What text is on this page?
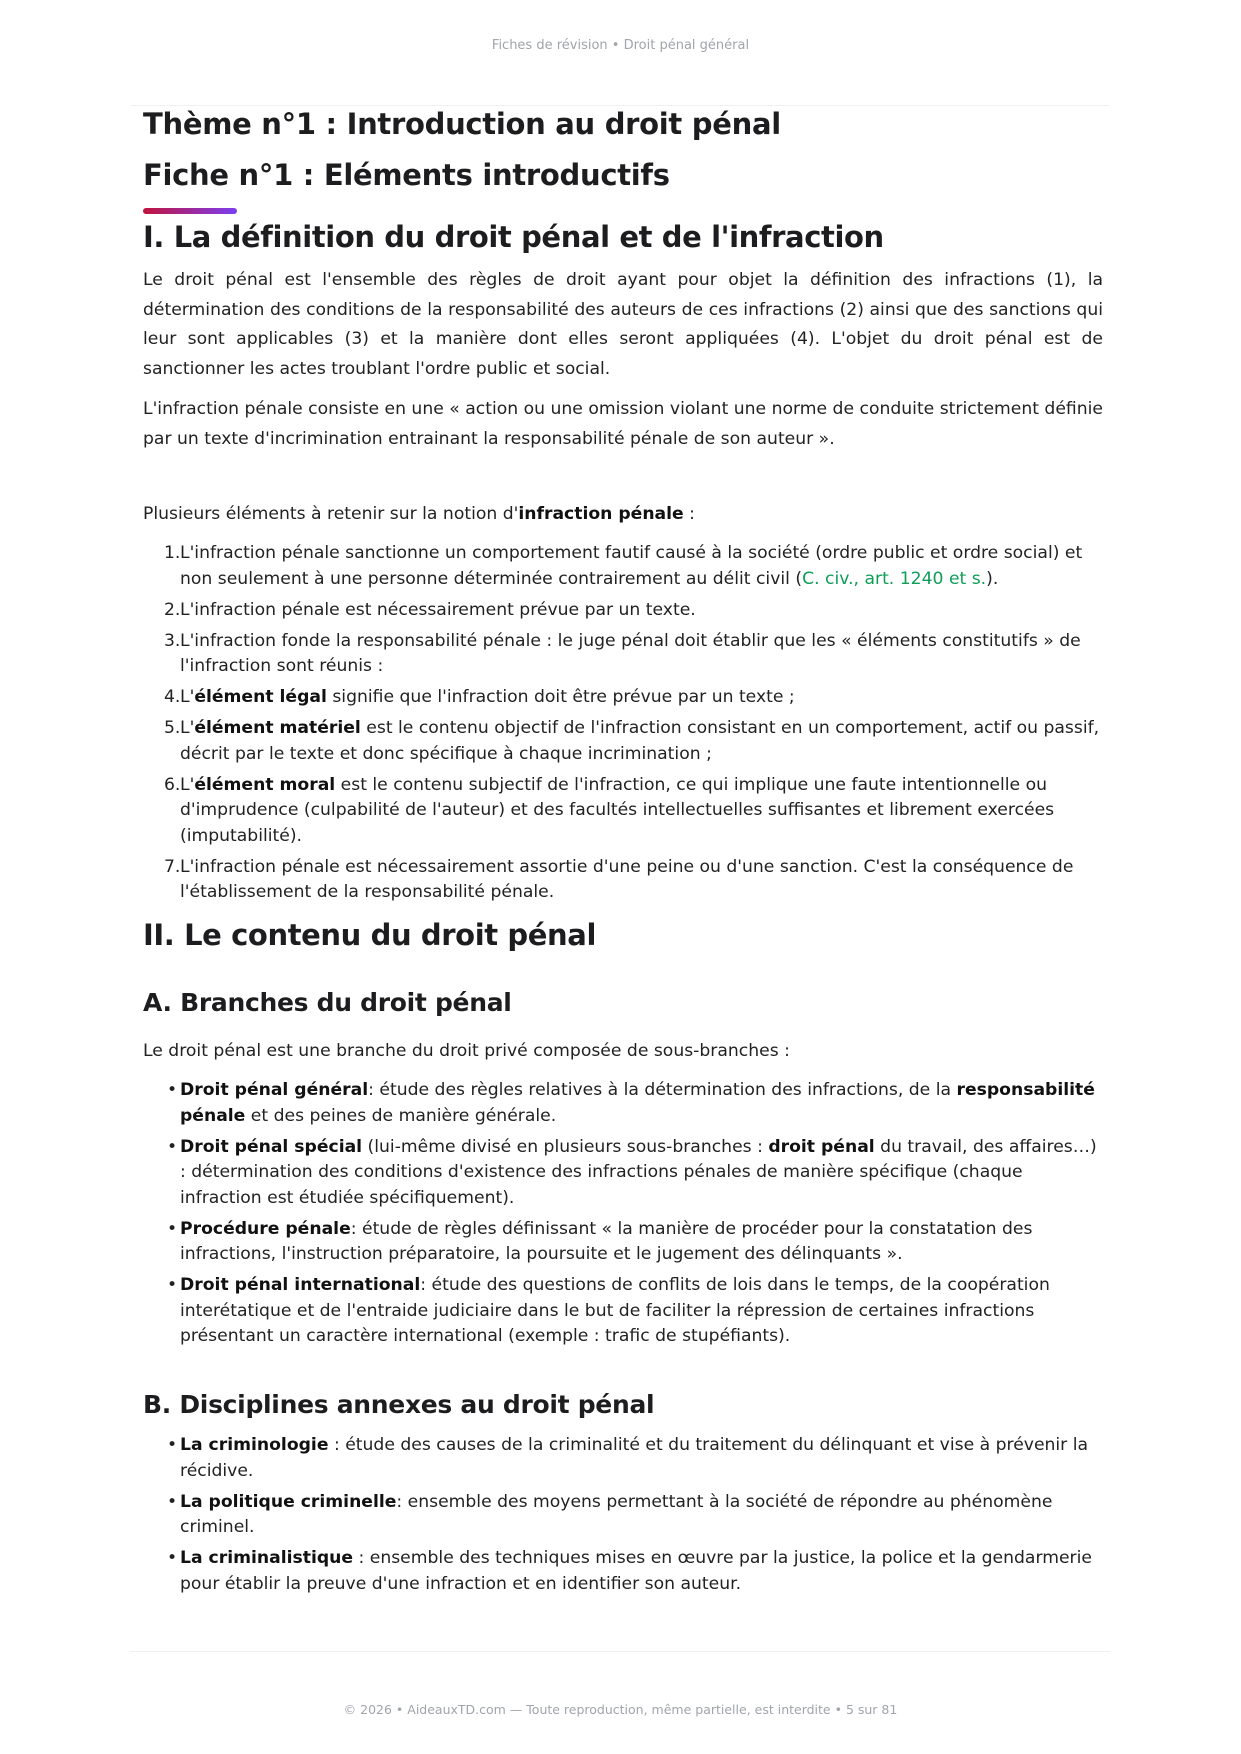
Fiches de révision • Droit pénal général
Thème n°1 : Introduction au droit pénal
Fiche n°1 : Eléments introductifs
I. La définition du droit pénal et de l'infraction

Le droit pénal est l'ensemble des règles de droit ayant pour objet la définition des infractions (1), la détermination des conditions de la responsabilité des auteurs de ces infractions (2) ainsi que des sanctions qui leur sont applicables (3) et la manière dont elles seront appliquées (4). L'objet du droit pénal est de sanctionner les actes troublant l'ordre public et social.

L'infraction pénale consiste en une « action ou une omission violant une norme de conduite strictement définie par un texte d'incrimination entrainant la responsabilité pénale de son auteur ».

Plusieurs éléments à retenir sur la notion d'infraction pénale :

1. L'infraction pénale sanctionne un comportement fautif causé à la société (ordre public et ordre social) et non seulement à une personne déterminée contrairement au délit civil (C. civ., art. 1240 et s.).
2. L'infraction pénale est nécessairement prévue par un texte.
3. L'infraction fonde la responsabilité pénale : le juge pénal doit établir que les « éléments constitutifs » de l'infraction sont réunis :
4. L'élément légal signifie que l'infraction doit être prévue par un texte ;
5. L'élément matériel est le contenu objectif de l'infraction consistant en un comportement, actif ou passif, décrit par le texte et donc spécifique à chaque incrimination ;
6. L'élément moral est le contenu subjectif de l'infraction, ce qui implique une faute intentionnelle ou d'imprudence (culpabilité de l'auteur) et des facultés intellectuelles suffisantes et librement exercées (imputabilité).
7. L'infraction pénale est nécessairement assortie d'une peine ou d'une sanction. C'est la conséquence de l'établissement de la responsabilité pénale.
II. Le contenu du droit pénal
A. Branches du droit pénal

Le droit pénal est une branche du droit privé composée de sous-branches :

• Droit pénal général: étude des règles relatives à la détermination des infractions, de la responsabilité pénale et des peines de manière générale.
• Droit pénal spécial (lui-même divisé en plusieurs sous-branches : droit pénal du travail, des affaires…) : détermination des conditions d'existence des infractions pénales de manière spécifique (chaque infraction est étudiée spécifiquement).
• Procédure pénale: étude de règles définissant « la manière de procéder pour la constatation des infractions, l'instruction préparatoire, la poursuite et le jugement des délinquants ».
• Droit pénal international: étude des questions de conflits de lois dans le temps, de la coopération interétatique et de l'entraide judiciaire dans le but de faciliter la répression de certaines infractions présentant un caractère international (exemple : trafic de stupéfiants).
B. Disciplines annexes au droit pénal
• La criminologie : étude des causes de la criminalité et du traitement du délinquant et vise à prévenir la récidive.
• La politique criminelle: ensemble des moyens permettant à la société de répondre au phénomène criminel.
• La criminalistique : ensemble des techniques mises en œuvre par la justice, la police et la gendarmerie pour établir la preuve d'une infraction et en identifier son auteur.
© 2026 • AideauxTD.com — Toute reproduction, même partielle, est interdite • 5 sur 81
